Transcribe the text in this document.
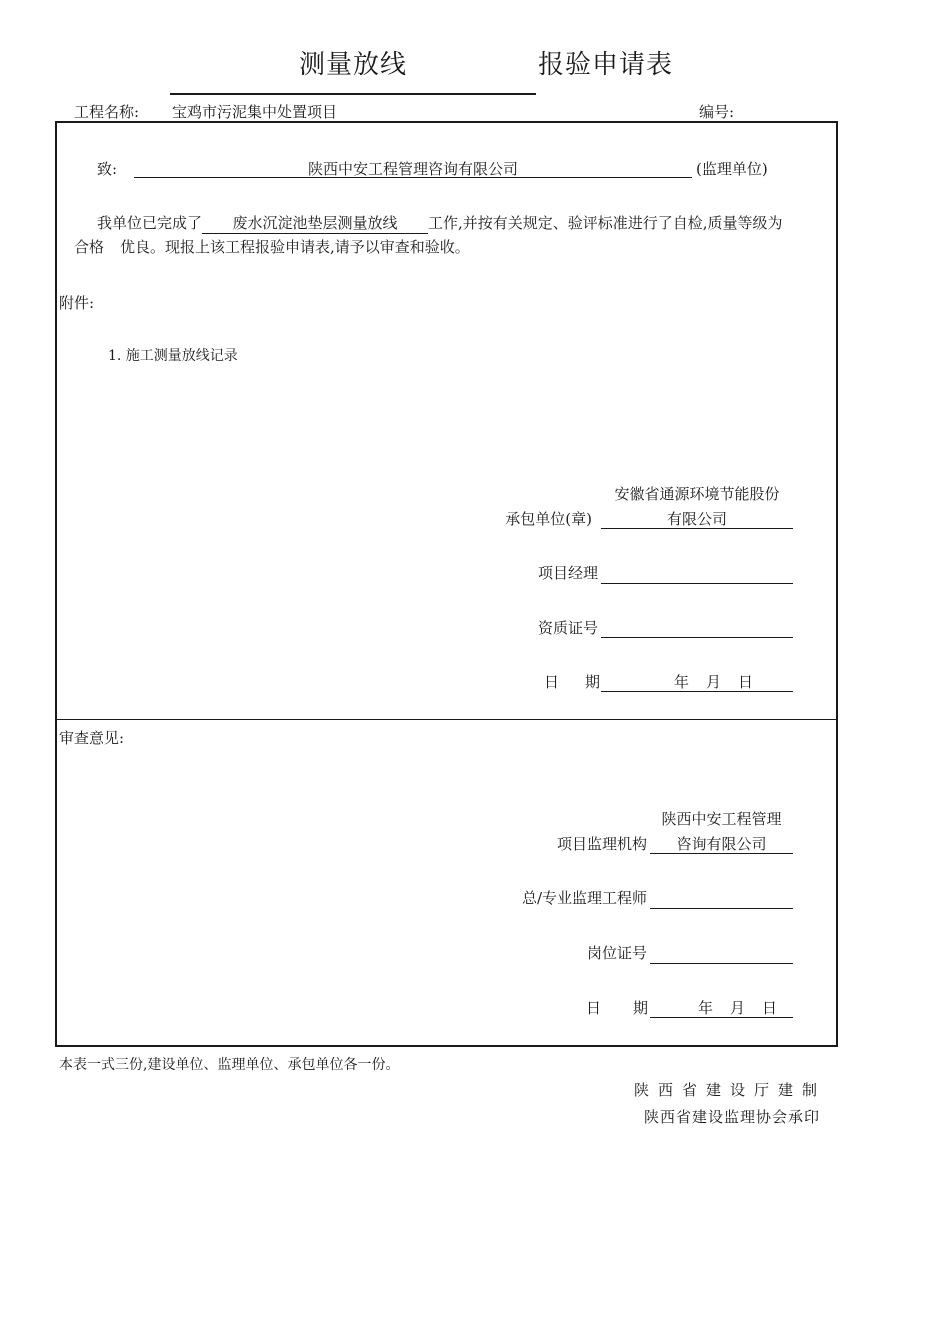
测量放线	报验申请表
工程名称: 宝鸡市污泥集中处置项目	编号:
致:	陕西中安工程管理咨询有限公司	(监理单位)
我单位已完成了 废水沉淀池垫层测量放线 工作,并按有关规定、验评标准进行了自检,质量等级为
合格 优良。现报上该工程报验申请表,请予以审查和验收。
附件:
1. 施工测量放线记录
安徽省通源环境节能股份
承包单位(章)	有限公司
项目经理
资质证号
日 期	年 月 日
审查意见:
陕西中安工程管理
项目监理机构	咨询有限公司
总/专业监理工程师
岗位证号
日 期	年 月 日
本表一式三份,建设单位、监理单位、承包单位各一份。
陕西省建设厅建制
陕西省建设监理协会承印
